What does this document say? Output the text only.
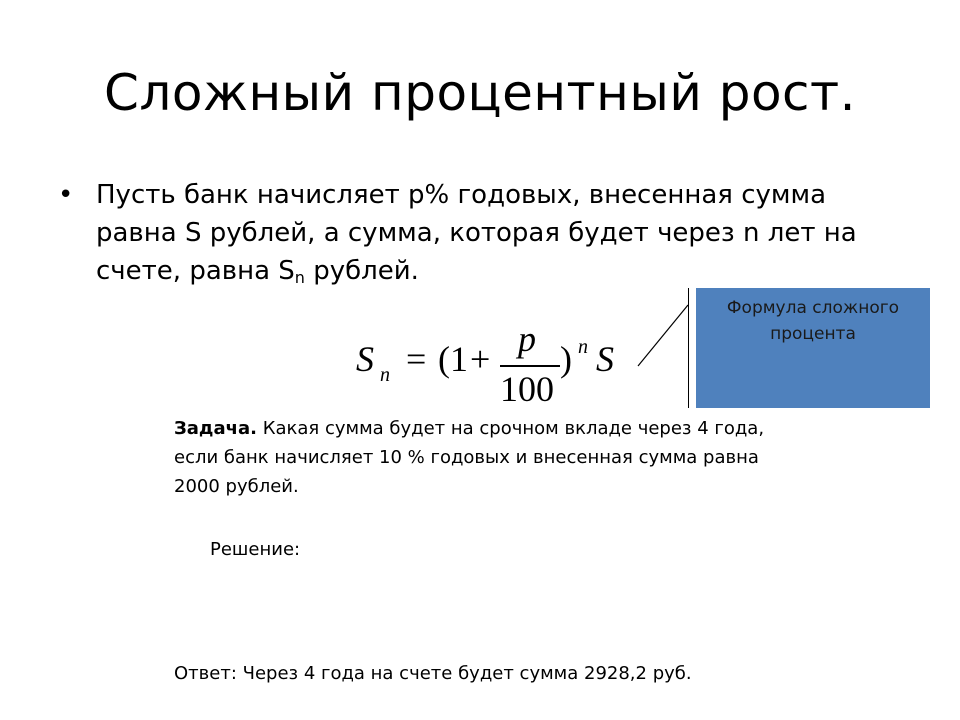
Сложный процентный рост.
• Пусть банк начисляет р% годовых, внесенная сумма равна S рублей, а сумма, которая будет через n лет на счете, равна $S_n$ рублей.
S n = (1 + p
100
) n S
Формула сложного процента
Задача. Какая сумма будет на срочном вкладе через 4 года, если банк начисляет 10 % годовых и внесенная сумма равна 2000 рублей.
Решение:
Ответ: Через 4 года на счете будет сумма 2928,2 руб.
